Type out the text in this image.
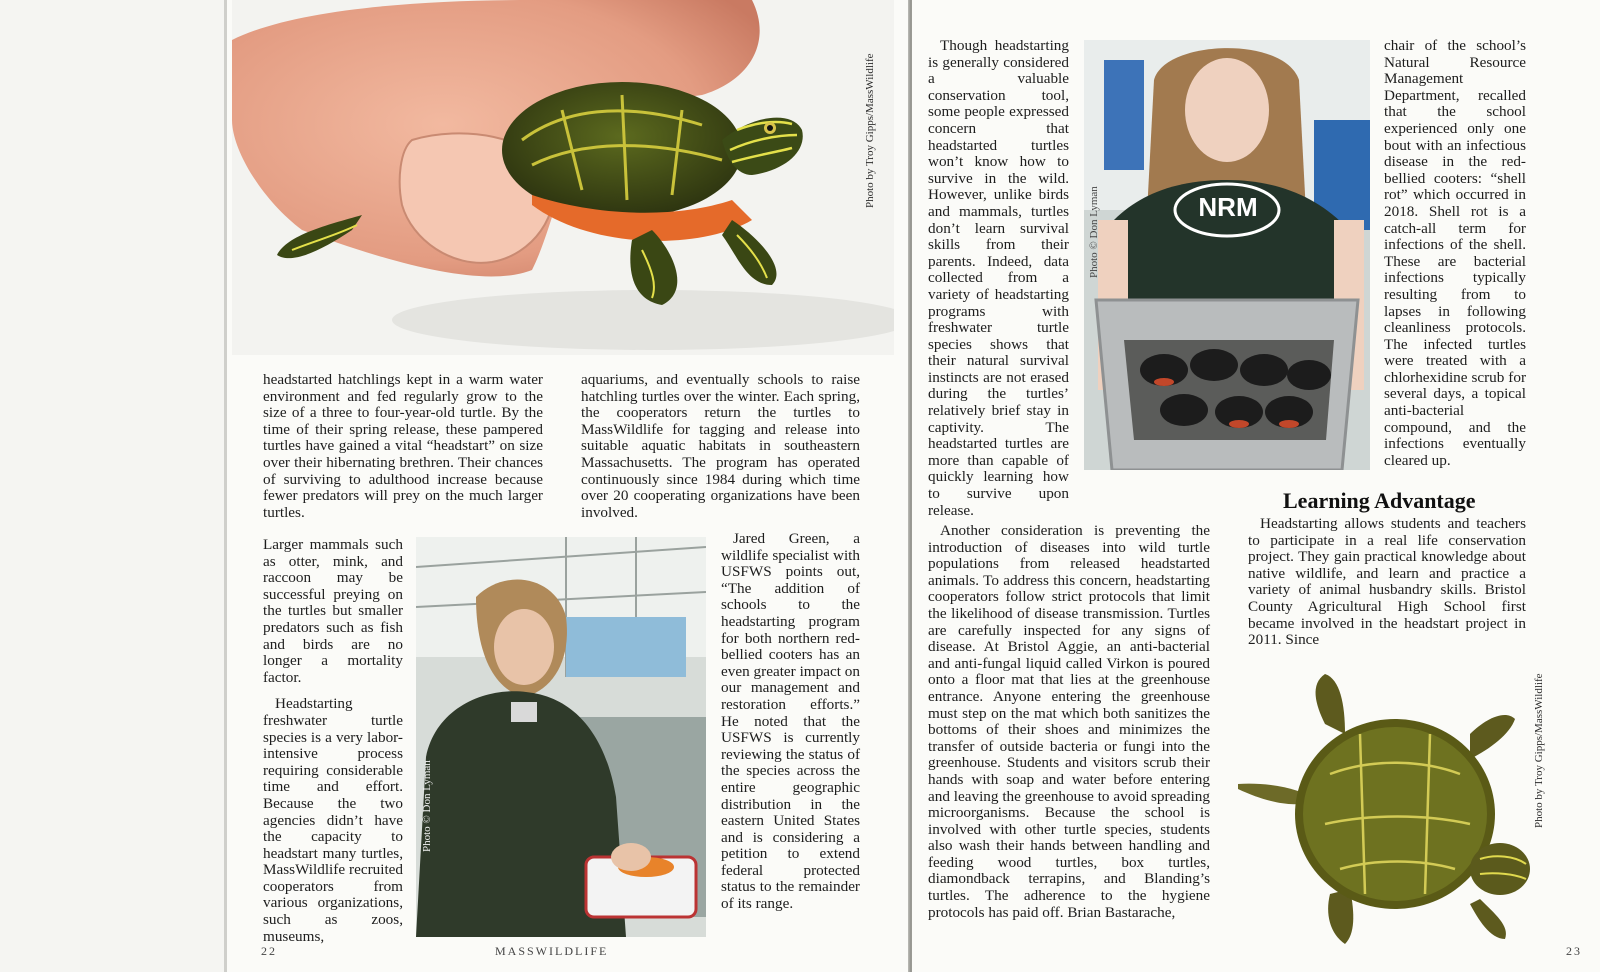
Photo by Troy Gipps/MassWildlife

headstarted hatchlings kept in a warm water environment and fed regularly grow to the size of a three to four-year-old turtle. By the time of their spring release, these pampered turtles have gained a vital “headstart” on size over their hibernating brethren. Their chances of surviving to adulthood increase because fewer predators will prey on the much larger turtles.

Larger mammals such as otter, mink, and raccoon may be successful preying on the turtles but smaller predators such as fish and birds are no longer a mortality factor.

Headstarting freshwater turtle species is a very labor-intensive process requiring considerable time and effort. Because the two agencies didn’t have the capacity to headstart many turtles, MassWildlife recruited cooperators from various organizations, such as zoos, museums,

aquariums, and eventually schools to raise hatchling turtles over the winter. Each spring, the cooperators return the turtles to MassWildlife for tagging and release into suitable aquatic habitats in southeastern Massachusetts. The program has operated continuously since 1984 during which time over 20 cooperating organizations have been involved.

Jared Green, a wildlife specialist with USFWS points out, “The addition of schools to the headstarting program for both northern red-bellied cooters has an even greater impact on our management and restoration efforts.” He noted that the USFWS is currently reviewing the status of the species across the entire geographic distribution in the eastern United States and is considering a petition to extend federal protected status to the remainder of its range.

Photo © Don Lyman
22	MASSWILDLIFE

Though headstarting is generally considered a valuable conservation tool, some people expressed concern that headstarted turtles won’t know how to survive in the wild. However, unlike birds and mammals, turtles don’t learn survival skills from their parents. Indeed, data collected from a variety of headstarting programs with freshwater turtle species shows that their natural survival instincts are not erased during the turtles’ relatively brief stay in captivity. The headstarted turtles are more than capable of quickly learning how to survive upon release.

NRM
Photo © Don Lyman

Another consideration is preventing the introduction of diseases into wild turtle populations from released headstarted animals. To address this concern, headstarting cooperators follow strict protocols that limit the likelihood of disease transmission. Turtles are carefully inspected for any signs of disease. At Bristol Aggie, an anti-bacterial and anti-fungal liquid called Virkon is poured onto a floor mat that lies at the greenhouse entrance. Anyone entering the greenhouse must step on the mat which both sanitizes the bottoms of their shoes and minimizes the transfer of outside bacteria or fungi into the greenhouse. Students and visitors scrub their hands with soap and water before entering and leaving the greenhouse to avoid spreading microorganisms. Because the school is involved with other turtle species, students also wash their hands between handling and feeding wood turtles, box turtles, diamondback terrapins, and Blanding’s turtles. The adherence to the hygiene protocols has paid off. Brian Bastarache,

chair of the school’s Natural Resource Management Department, recalled that the school experienced only one bout with an infectious disease in the red-bellied cooters: “shell rot” which occurred in 2018. Shell rot is a catch-all term for infections of the shell. These are bacterial infections typically resulting from to lapses in following cleanliness protocols. The infected turtles were treated with a chlorhexidine scrub for several days, a topical anti-bacterial compound, and the infections eventually cleared up.

Learning Advantage

Headstarting allows students and teachers to participate in a real life conservation project. They gain practical knowledge about native wildlife, and learn and practice a variety of animal husbandry skills. Bristol County Agricultural High School first became involved in the headstart project in 2011. Since

Photo by Troy Gipps/MassWildlife
23
